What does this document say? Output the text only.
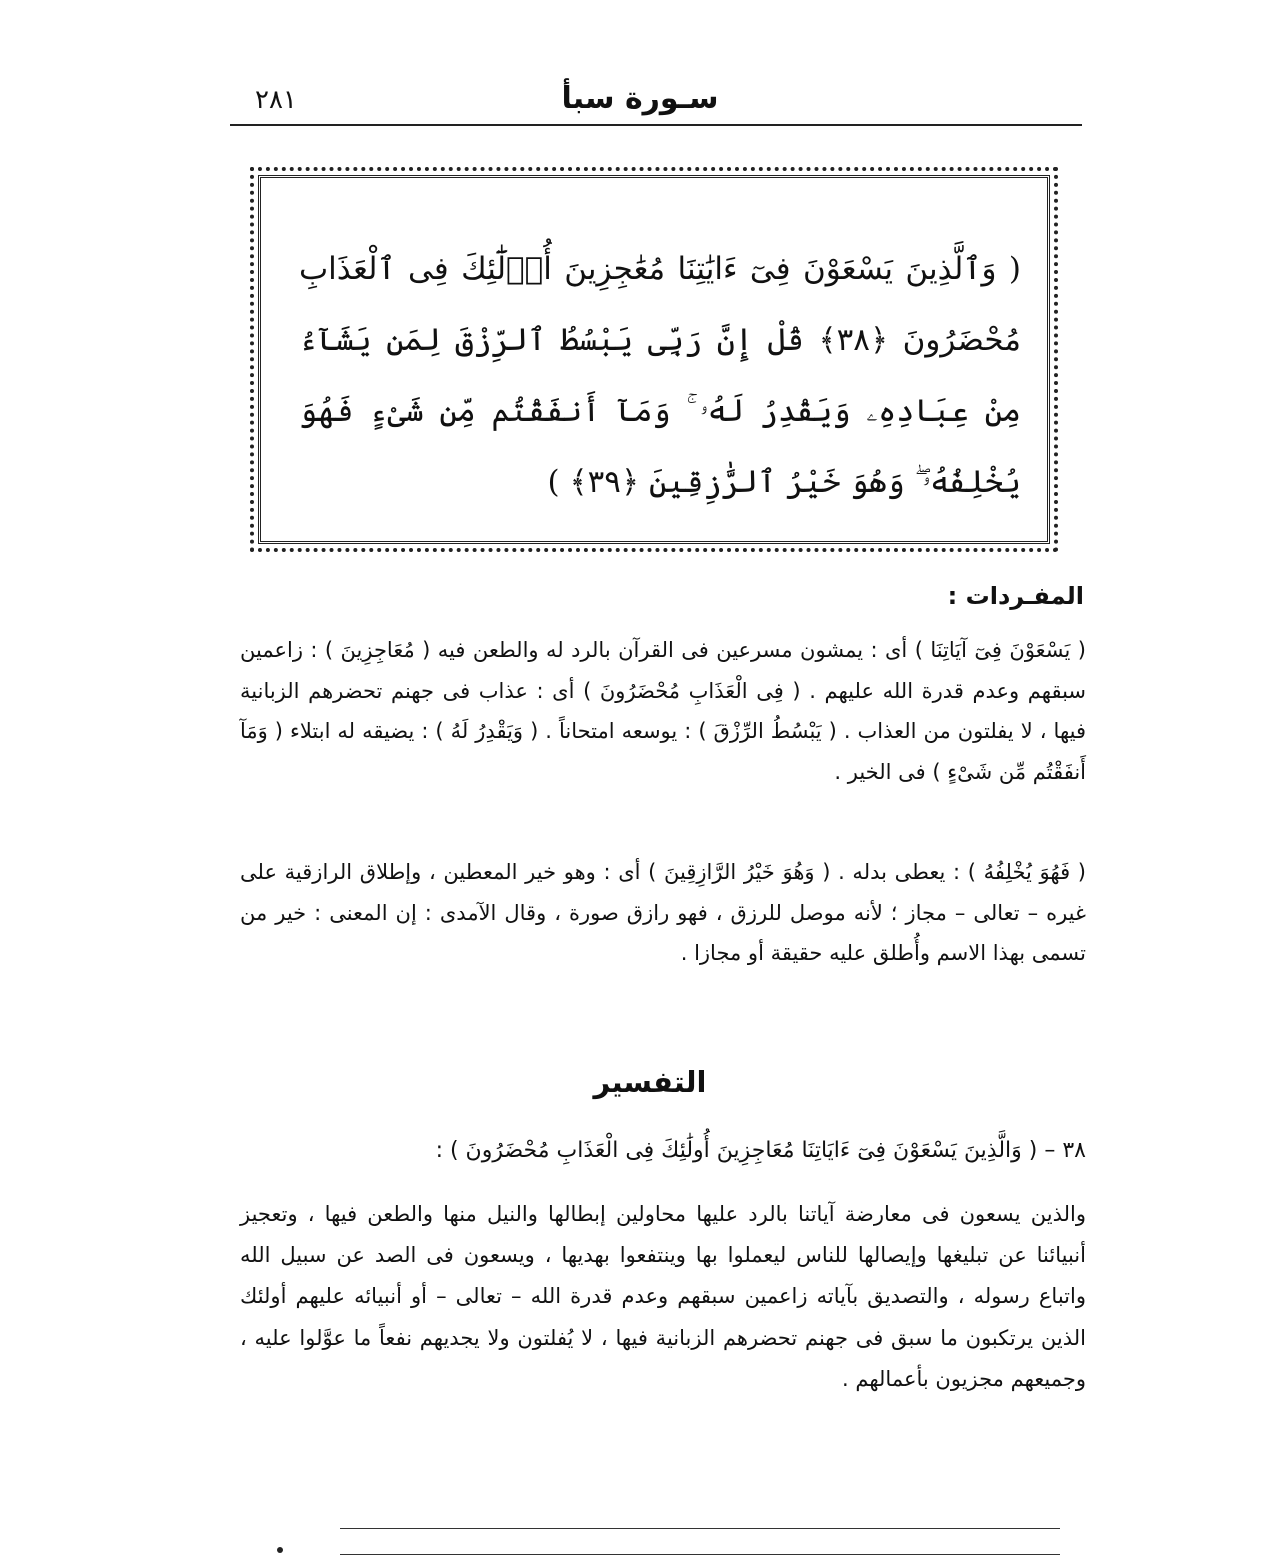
٢٨١	سـورة سبأ
( وَٱلَّذِينَ يَسْعَوْنَ فِىٓ ءَايَٰتِنَا مُعَٰجِزِينَ أُو۟لَٰٓئِكَ فِى ٱلْعَذَابِ مُحْضَرُونَ ﴿٣٨﴾ قُلْ إِنَّ رَبِّى يَبْسُطُ ٱلرِّزْقَ لِمَن يَشَآءُ مِنْ عِبَادِهِۦ وَيَقْدِرُ لَهُۥ ۚ وَمَآ أَنفَقْتُم مِّن شَىْءٍ فَهُوَ يُخْلِفُهُۥ ۖ وَهُوَ خَيْرُ ٱلرَّٰزِقِينَ ﴿٣٩﴾ )
المفـردات :
( يَسْعَوْنَ فِىٓ آيَاتِنَا ) أى : يمشون مسرعين فى القرآن بالرد له والطعن فيه ( مُعَاجِزِينَ ) : زاعمين سبقهم وعدم قدرة الله عليهم . ( فِى الْعَذَابِ مُحْضَرُونَ ) أى : عذاب فى جهنم تحضرهم الزبانية فيها ، لا يفلتون من العذاب . ( يَبْسُطُ الرِّزْقَ ) : يوسعه امتحاناً . ( وَيَقْدِرُ لَهُ ) : يضيقه له ابتلاء ( وَمَآ أَنفَقْتُم مِّن شَىْءٍ ) فى الخير .
( فَهُوَ يُخْلِفُهُ ) : يعطى بدله . ( وَهُوَ خَيْرُ الرَّازِقِينَ ) أى : وهو خير المعطين ، وإطلاق الرازقية على غيره – تعالى – مجاز ؛ لأنه موصل للرزق ، فهو رازق صورة ، وقال الآمدى : إن المعنى : خير من تسمى بهذا الاسم وأُطلق عليه حقيقة أو مجازا .
التفسير
٣٨ – ( وَالَّذِينَ يَسْعَوْنَ فِىٓ ءَايَاتِنَا مُعَاجِزِينَ أُولَٰئِكَ فِى الْعَذَابِ مُحْضَرُونَ ) :
والذين يسعون فى معارضة آياتنا بالرد عليها محاولين إبطالها والنيل منها والطعن فيها ، وتعجيز أنبيائنا عن تبليغها وإيصالها للناس ليعملوا بها وينتفعوا بهديها ، ويسعون فى الصد عن سبيل الله واتباع رسوله ، والتصديق بآياته زاعمين سبقهم وعدم قدرة الله – تعالى – أو أنبيائه عليهم أولئك الذين يرتكبون ما سبق فى جهنم تحضرهم الزبانية فيها ، لا يُفلتون ولا يجديهم نفعاً ما عوَّلوا عليه ، وجميعهم مجزيون بأعمالهم .
